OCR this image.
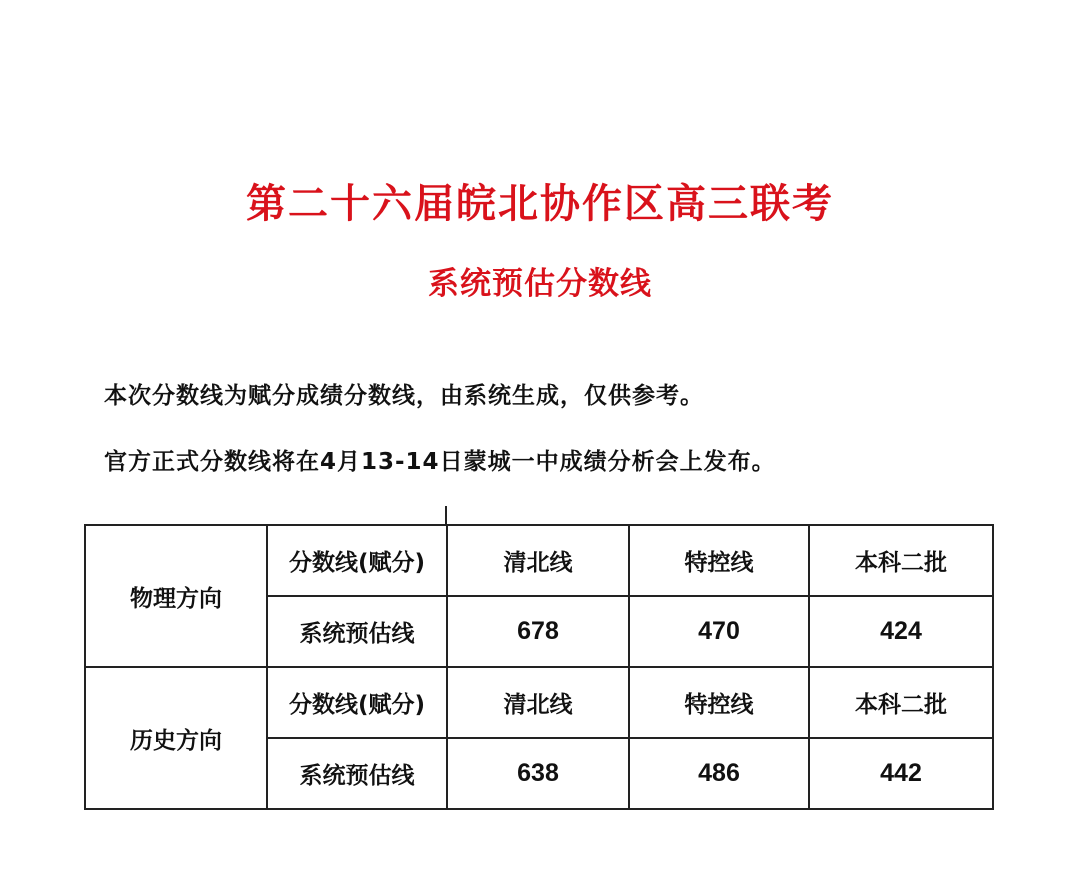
第二十六届皖北协作区高三联考
系统预估分数线
本次分数线为赋分成绩分数线，由系统生成，仅供参考。
官方正式分数线将在4月13-14日蒙城一中成绩分析会上发布。
物理方向	分数线(赋分)	清北线	特控线	本科二批
	系统预估线	678	470	424
历史方向	分数线(赋分)	清北线	特控线	本科二批
	系统预估线	638	486	442
